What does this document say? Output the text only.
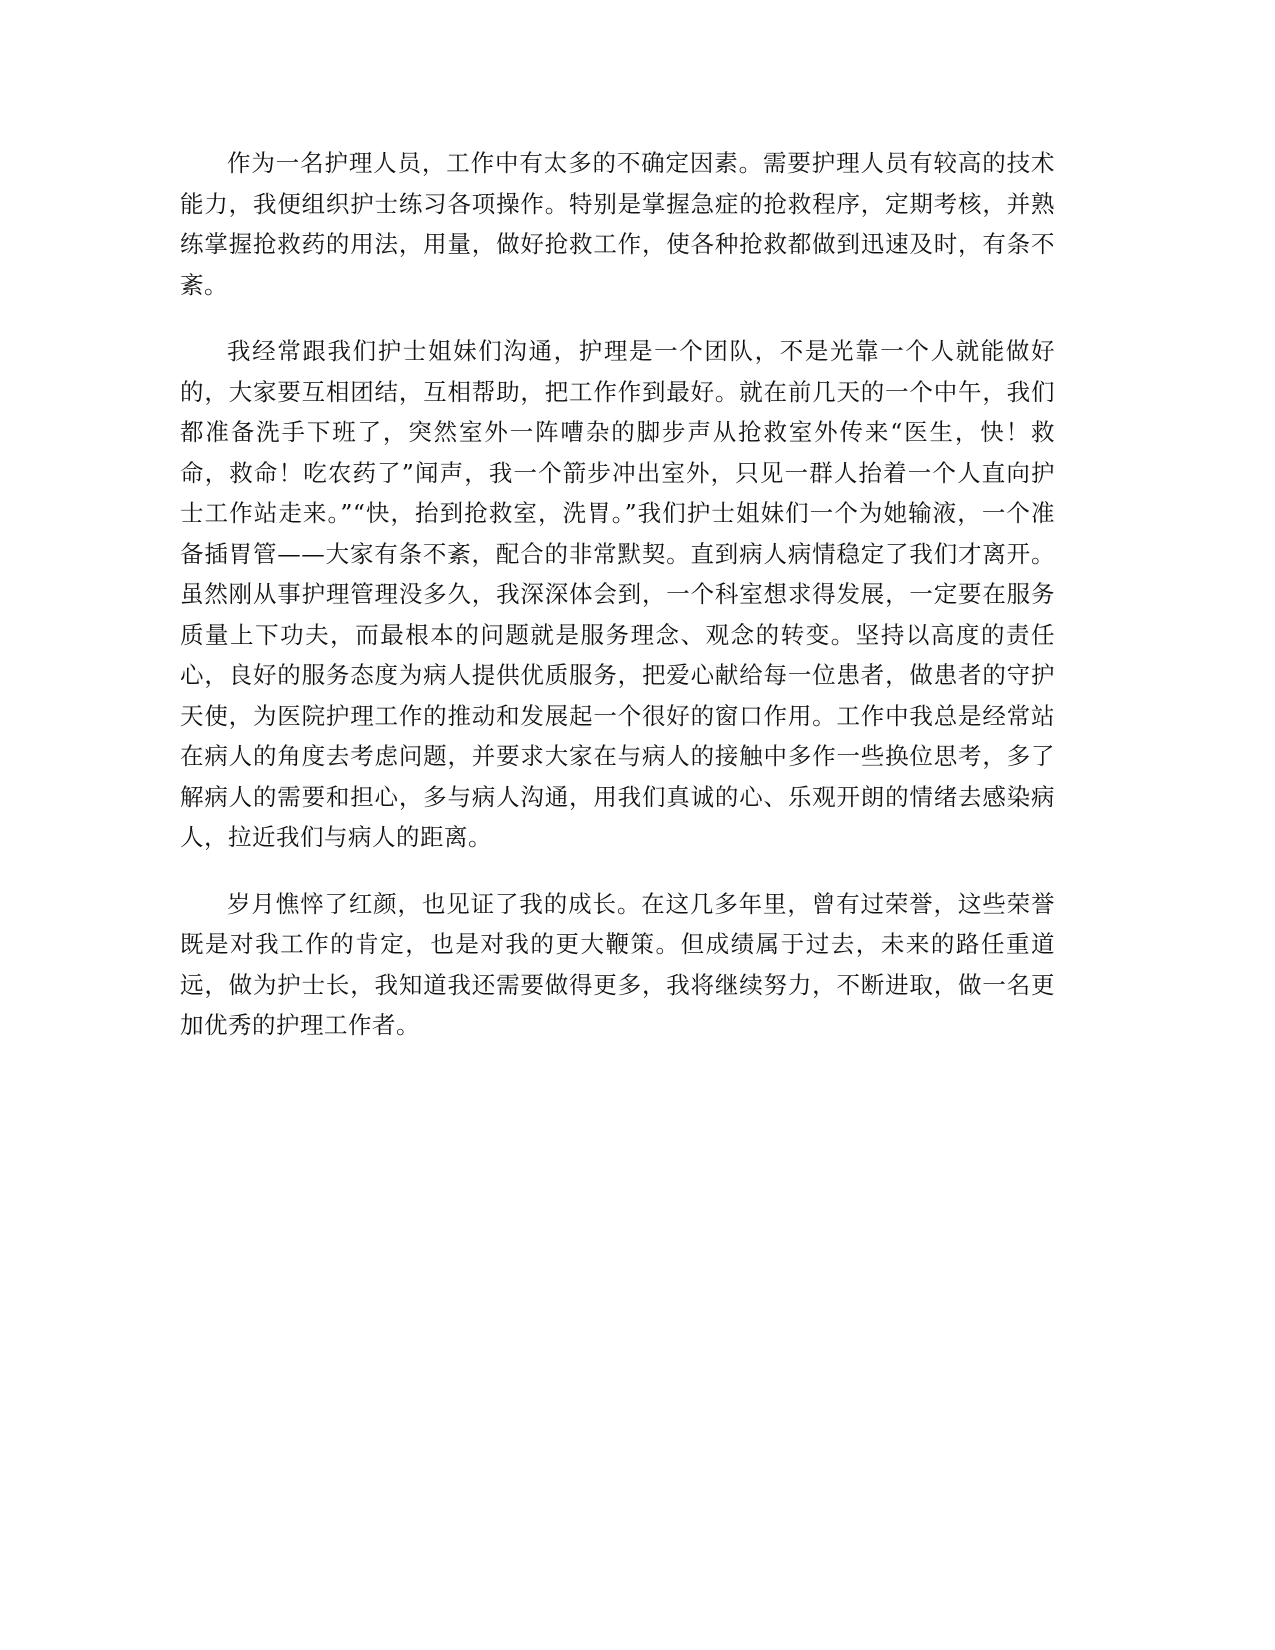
作为一名护理人员，工作中有太多的不确定因素。需要护理人员有较高的技术能力，我便组织护士练习各项操作。特别是掌握急症的抢救程序，定期考核，并熟练掌握抢救药的用法，用量，做好抢救工作，使各种抢救都做到迅速及时，有条不紊。

我经常跟我们护士姐妹们沟通，护理是一个团队，不是光靠一个人就能做好的，大家要互相团结，互相帮助，把工作作到最好。就在前几天的一个中午，我们都准备洗手下班了，突然室外一阵嘈杂的脚步声从抢救室外传来“医生，快！救命，救命！吃农药了”闻声，我一个箭步冲出室外，只见一群人抬着一个人直向护士工作站走来。”“快，抬到抢救室，洗胃。”我们护士姐妹们一个为她输液，一个准备插胃管——大家有条不紊，配合的非常默契。直到病人病情稳定了我们才离开。虽然刚从事护理管理没多久，我深深体会到，一个科室想求得发展，一定要在服务质量上下功夫，而最根本的问题就是服务理念、观念的转变。坚持以高度的责任心，良好的服务态度为病人提供优质服务，把爱心献给每一位患者，做患者的守护天使，为医院护理工作的推动和发展起一个很好的窗口作用。工作中我总是经常站在病人的角度去考虑问题，并要求大家在与病人的接触中多作一些换位思考，多了解病人的需要和担心，多与病人沟通，用我们真诚的心、乐观开朗的情绪去感染病人，拉近我们与病人的距离。

岁月憔悴了红颜，也见证了我的成长。在这几多年里，曾有过荣誉，这些荣誉既是对我工作的肯定，也是对我的更大鞭策。但成绩属于过去，未来的路任重道远，做为护士长，我知道我还需要做得更多，我将继续努力，不断进取，做一名更加优秀的护理工作者。
